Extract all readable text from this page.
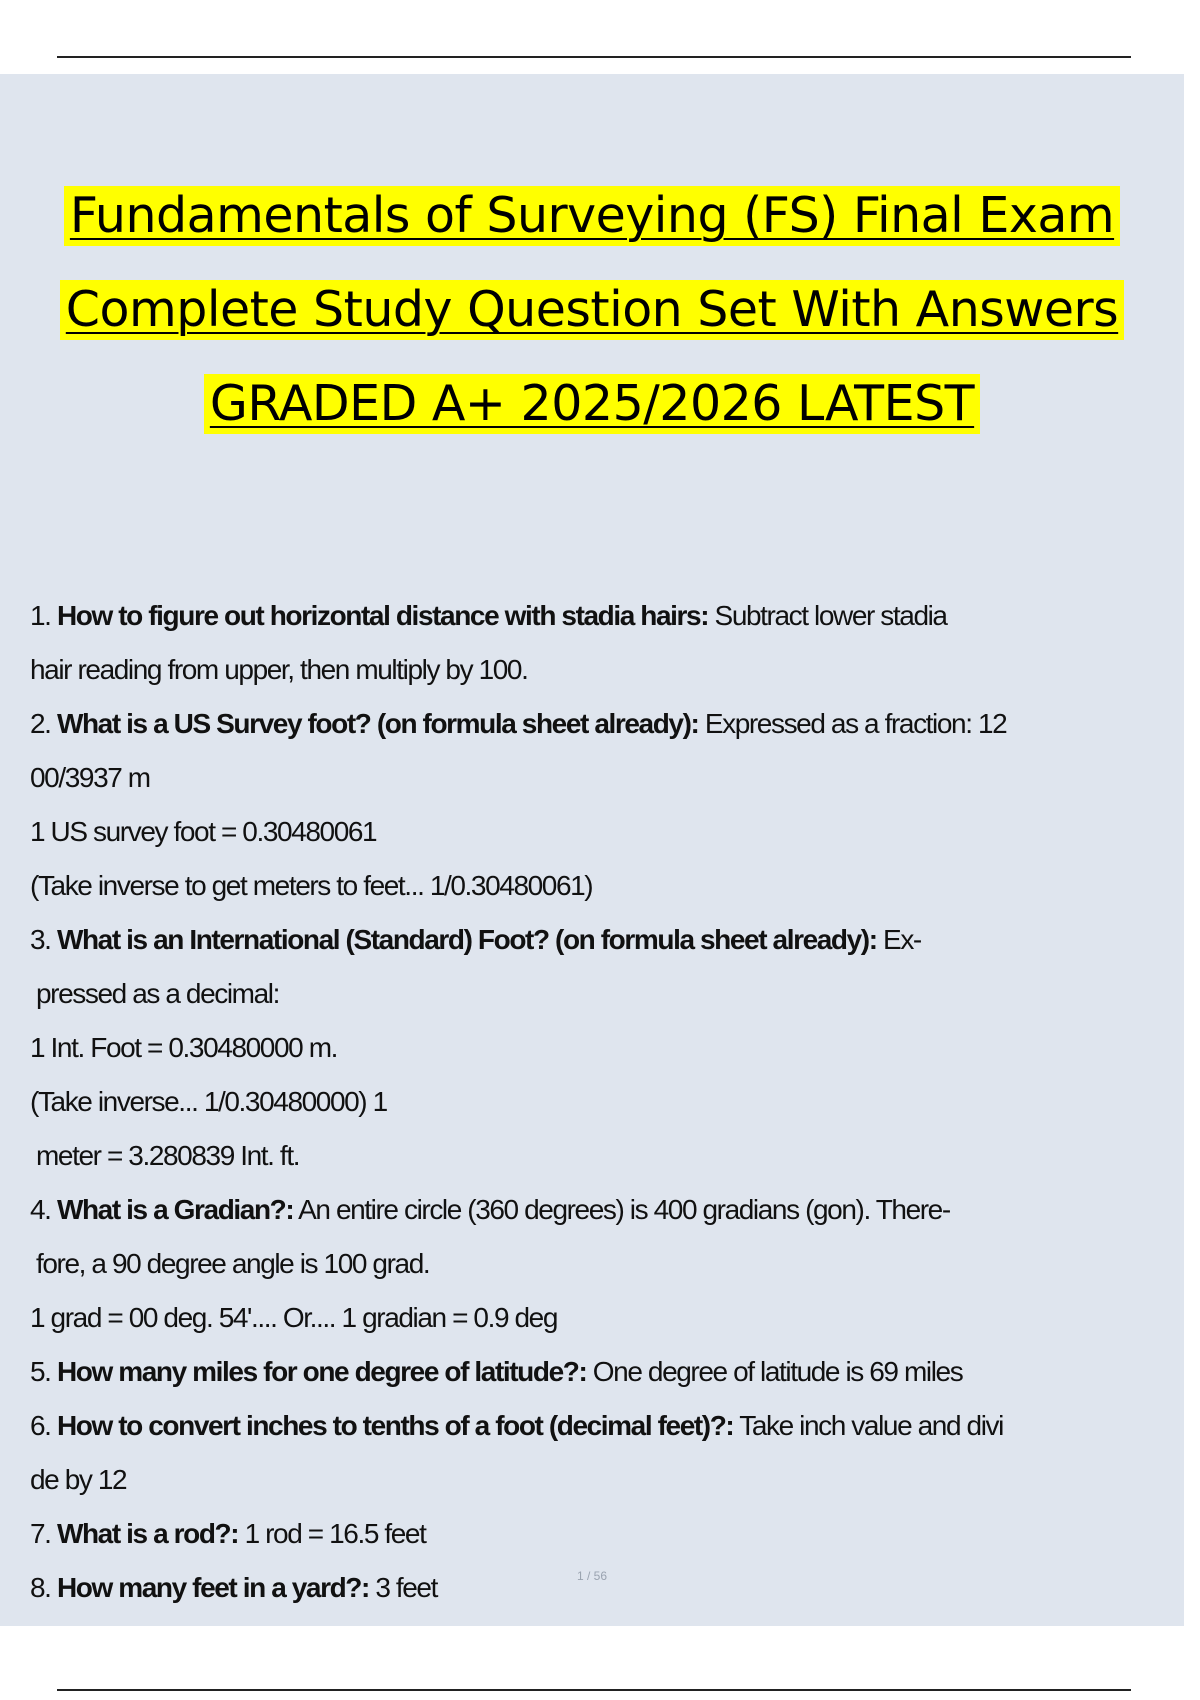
Fundamentals of Surveying (FS) Final Exam
Complete Study Question Set With Answers
GRADED A+ 2025/2026 LATEST

1. How to figure out horizontal distance with stadia hairs: Subtract lower stadia

hair reading from upper, then multiply by 100.

2. What is a US Survey foot? (on formula sheet already): Expressed as a fraction: 12

00/3937 m

1 US survey foot = 0.30480061

(Take inverse to get meters to feet... 1/0.30480061)

3. What is an International (Standard) Foot? (on formula sheet already): Ex-

pressed as a decimal:

1 Int. Foot = 0.30480000 m.

(Take inverse... 1/0.30480000) 1

meter = 3.280839 Int. ft.

4. What is a Gradian?: An entire circle (360 degrees) is 400 gradians (gon). There-

fore, a 90 degree angle is 100 grad.

1 grad = 00 deg. 54'.... Or.... 1 gradian = 0.9 deg

5. How many miles for one degree of latitude?: One degree of latitude is 69 miles

6. How to convert inches to tenths of a foot (decimal feet)?: Take inch value and divi

de by 12

7. What is a rod?: 1 rod = 16.5 feet

8. How many feet in a yard?: 3 feet	1 / 56
